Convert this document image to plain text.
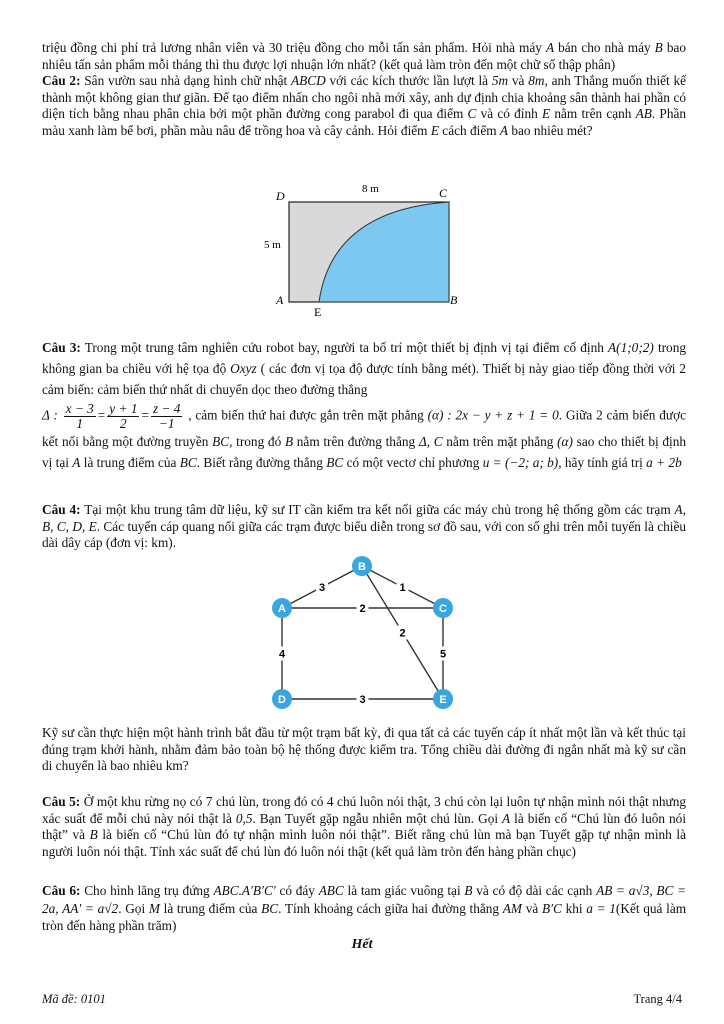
triệu đồng chi phí trả lương nhân viên và 30 triệu đồng cho mỗi tấn sản phẩm. Hỏi nhà máy A bán cho nhà máy B bao nhiêu tấn sản phẩm mỗi tháng thì thu được lợi nhuận lớn nhất? (kết quả làm tròn đến một chữ số thập phân)

Câu 2: Sân vườn sau nhà dạng hình chữ nhật ABCD với các kích thước lần lượt là 5m và 8m, anh Thắng muốn thiết kế thành một không gian thư giãn. Để tạo điểm nhấn cho ngôi nhà mới xây, anh dự định chia khoảng sân thành hai phần có diện tích bằng nhau phân chia bởi một phần đường cong parabol đi qua điểm C và có đỉnh E nằm trên cạnh AB. Phần màu xanh làm bể bơi, phần màu nâu để trồng hoa và cây cảnh. Hỏi điểm E cách điểm A bao nhiêu mét?

D	C
A	B
E
8 m
5 m

Câu 3: Trong một trung tâm nghiên cứu robot bay, người ta bố trí một thiết bị định vị tại điểm cố định A(1;0;2) trong không gian ba chiều với hệ tọa độ Oxyz ( các đơn vị tọa độ được tính bằng mét). Thiết bị này giao tiếp đồng thời với 2 cảm biến: cảm biến thứ nhất di chuyển dọc theo đường thẳng

Δ : $\frac{x - 3}{1} = \frac{y + 1}{2} = \frac{z - 4}{-1}$ , cảm biến thứ hai được gắn trên mặt phẳng (α) : 2x − y + z + 1 = 0. Giữa 2 cảm biến được kết nối bằng một đường truyền BC, trong đó B nằm trên đường thẳng Δ, C nằm trên mặt phẳng (α) sao cho thiết bị định vị tại A là trung điểm của BC. Biết rằng đường thẳng BC có một vectơ chỉ phương u = (−2; a; b), hãy tính giá trị a + 2b

Câu 4: Tại một khu trung tâm dữ liệu, kỹ sư IT cần kiểm tra kết nối giữa các máy chủ trong hệ thống gồm các trạm A, B, C, D, E. Các tuyến cáp quang nối giữa các trạm được biểu diễn trong sơ đồ sau, với con số ghi trên mỗi tuyến là chiều dài dây cáp (đơn vị: km).
3	1
2
2
4	5
3
A
B
C
D	E
Kỹ sư cần thực hiện một hành trình bắt đầu từ một trạm bất kỳ, đi qua tất cả các tuyến cáp ít nhất một lần và kết thúc tại đúng trạm khởi hành, nhằm đảm bảo toàn bộ hệ thống được kiểm tra. Tổng chiều dài đường đi ngắn nhất mà kỹ sư cần di chuyển là bao nhiêu km?
Câu 5: Ở một khu rừng nọ có 7 chú lùn, trong đó có 4 chú luôn nói thật, 3 chú còn lại luôn tự nhận mình nói thật nhưng xác suất để mỗi chú này nói thật là 0,5. Bạn Tuyết gặp ngẫu nhiên một chú lùn. Gọi A là biến cố “Chú lùn đó luôn nói thật” và B là biến cố “Chú lùn đó tự nhận mình luôn nói thật”. Biết rằng chú lùn mà bạn Tuyết gặp tự nhận mình là người luôn nói thật. Tính xác suất để chú lùn đó luôn nói thật (kết quả làm tròn đến hàng phần chục)
Câu 6: Cho hình lăng trụ đứng ABC.A′B′C′ có đáy ABC là tam giác vuông tại B và có độ dài các cạnh AB = a√3, BC = 2a, AA′ = a√2. Gọi M là trung điểm của BC. Tính khoảng cách giữa hai đường thẳng AM và B′C khi a = 1(Kết quả làm tròn đến hàng phần trăm)
Hết
Mã đề: 0101	Trang 4/4
